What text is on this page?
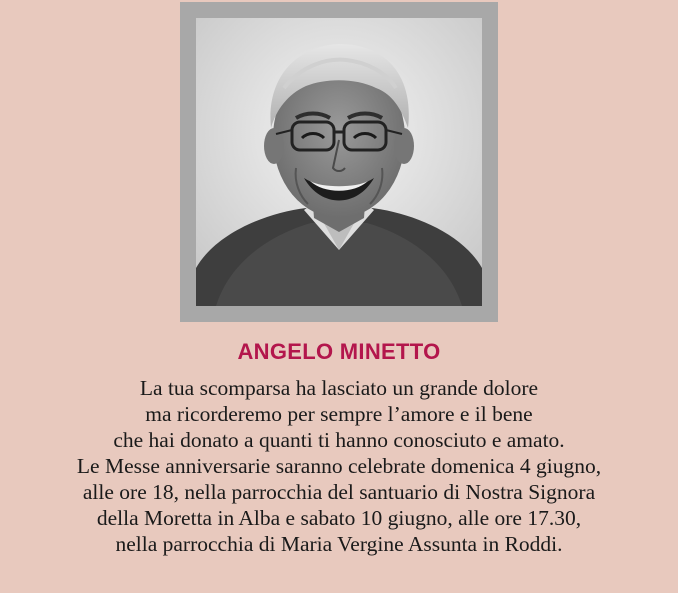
ANGELO MINETTO
La tua scomparsa ha lasciato un grande dolore
ma ricorderemo per sempre l’amore e il bene
che hai donato a quanti ti hanno conosciuto e amato.
Le Messe anniversarie saranno celebrate domenica 4 giugno,
alle ore 18, nella parrocchia del santuario di Nostra Signora
della Moretta in Alba e sabato 10 giugno, alle ore 17.30,
nella parrocchia di Maria Vergine Assunta in Roddi.
